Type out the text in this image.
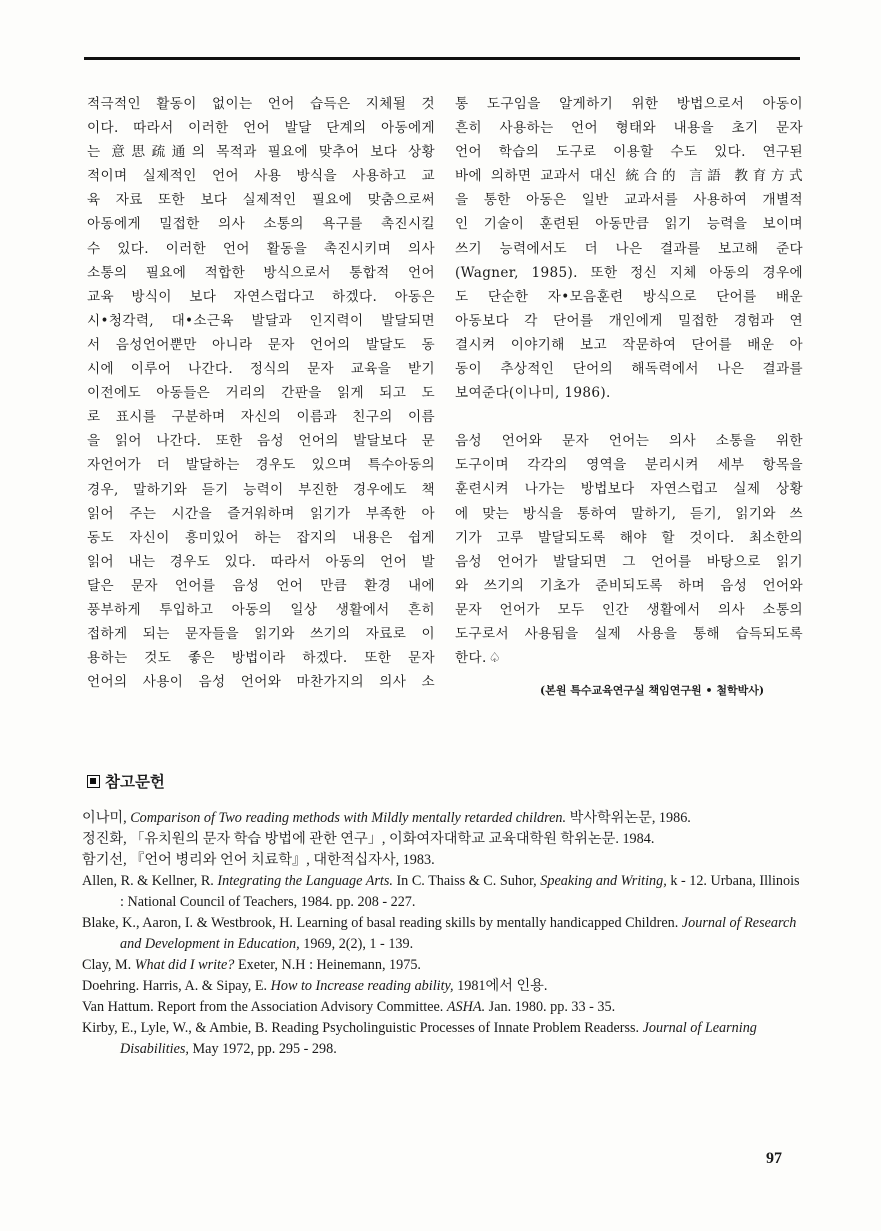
적극적인 활동이 없이는 언어 습득은 지체될 것
이다. 따라서 이러한 언어 발달 단계의 아동에게
는 意思疏通의 목적과 필요에 맞추어 보다 상황
적이며 실제적인 언어 사용 방식을 사용하고 교
육 자료 또한 보다 실제적인 필요에 맞춤으로써
아동에게 밀접한 의사 소통의 욕구를 촉진시킬
수 있다. 이러한 언어 활동을 촉진시키며 의사
소통의 필요에 적합한 방식으로서 통합적 언어
교육 방식이 보다 자연스럽다고 하겠다. 아동은
시•청각력, 대•소근육 발달과 인지력이 발달되면
서 음성언어뿐만 아니라 문자 언어의 발달도 동
시에 이루어 나간다. 정식의 문자 교육을 받기
이전에도 아동들은 거리의 간판을 읽게 되고 도
로 표시를 구분하며 자신의 이름과 친구의 이름
을 읽어 나간다. 또한 음성 언어의 발달보다 문
자언어가 더 발달하는 경우도 있으며 특수아동의
경우, 말하기와 듣기 능력이 부진한 경우에도 책
읽어 주는 시간을 즐거워하며 읽기가 부족한 아
동도 자신이 흥미있어 하는 잡지의 내용은 쉽게
읽어 내는 경우도 있다. 따라서 아동의 언어 발
달은 문자 언어를 음성 언어 만큼 환경 내에
풍부하게 투입하고 아동의 일상 생활에서 흔히
접하게 되는 문자들을 읽기와 쓰기의 자료로 이
용하는 것도 좋은 방법이라 하겠다. 또한 문자
언어의 사용이 음성 언어와 마찬가지의 의사 소
통 도구임을 알게하기 위한 방법으로서 아동이
흔히 사용하는 언어 형태와 내용을 초기 문자
언어 학습의 도구로 이용할 수도 있다. 연구된
바에 의하면 교과서 대신 統合的 言語 教育方式
을 통한 아동은 일반 교과서를 사용하여 개별적
인 기술이 훈련된 아동만큼 읽기 능력을 보이며
쓰기 능력에서도 더 나은 결과를 보고해 준다
(Wagner, 1985). 또한 정신 지체 아동의 경우에
도 단순한 자•모음훈련 방식으로 단어를 배운
아동보다 각 단어를 개인에게 밀접한 경험과 연
결시켜 이야기해 보고 작문하여 단어를 배운 아
동이 추상적인 단어의 해독력에서 나은 결과를
보여준다(이나미, 1986).
음성 언어와 문자 언어는 의사 소통을 위한
도구이며 각각의 영역을 분리시켜 세부 항목을
훈련시켜 나가는 방법보다 자연스럽고 실제 상황
에 맞는 방식을 통하여 말하기, 듣기, 읽기와 쓰
기가 고루 발달되도록 해야 할 것이다. 최소한의
음성 언어가 발달되면 그 언어를 바탕으로 읽기
와 쓰기의 기초가 준비되도록 하며 음성 언어와
문자 언어가 모두 인간 생활에서 의사 소통의
도구로서 사용됨을 실제 사용을 통해 습득되도록
한다. ♤
(본원 특수교육연구실 책임연구원 • 철학박사)
참고문헌
이나미, Comparison of Two reading methods with Mildly mentally retarded children. 박사학위논문, 1986.
정진화, 「유치원의 문자 학습 방법에 관한 연구」, 이화여자대학교 교육대학원 학위논문. 1984.
함기선, 『언어 병리와 언어 치료학』, 대한적십자사, 1983.
Allen, R. & Kellner, R. Integrating the Language Arts. In C. Thaiss & C. Suhor, Speaking and Writing, k - 12. Urbana, Illinois : National Council of Teachers, 1984. pp. 208 - 227.
Blake, K., Aaron, I. & Westbrook, H. Learning of basal reading skills by mentally handicapped Children. Journal of Research and Development in Education, 1969, 2(2), 1 - 139.
Clay, M. What did I write? Exeter, N.H : Heinemann, 1975.
Doehring. Harris, A. & Sipay, E. How to Increase reading ability, 1981에서 인용.
Van Hattum. Report from the Association Advisory Committee. ASHA. Jan. 1980. pp. 33 - 35.
Kirby, E., Lyle, W., & Ambie, B. Reading Psycholinguistic Processes of Innate Problem Readerss. Journal of Learning Disabilities, May 1972, pp. 295 - 298.
97
